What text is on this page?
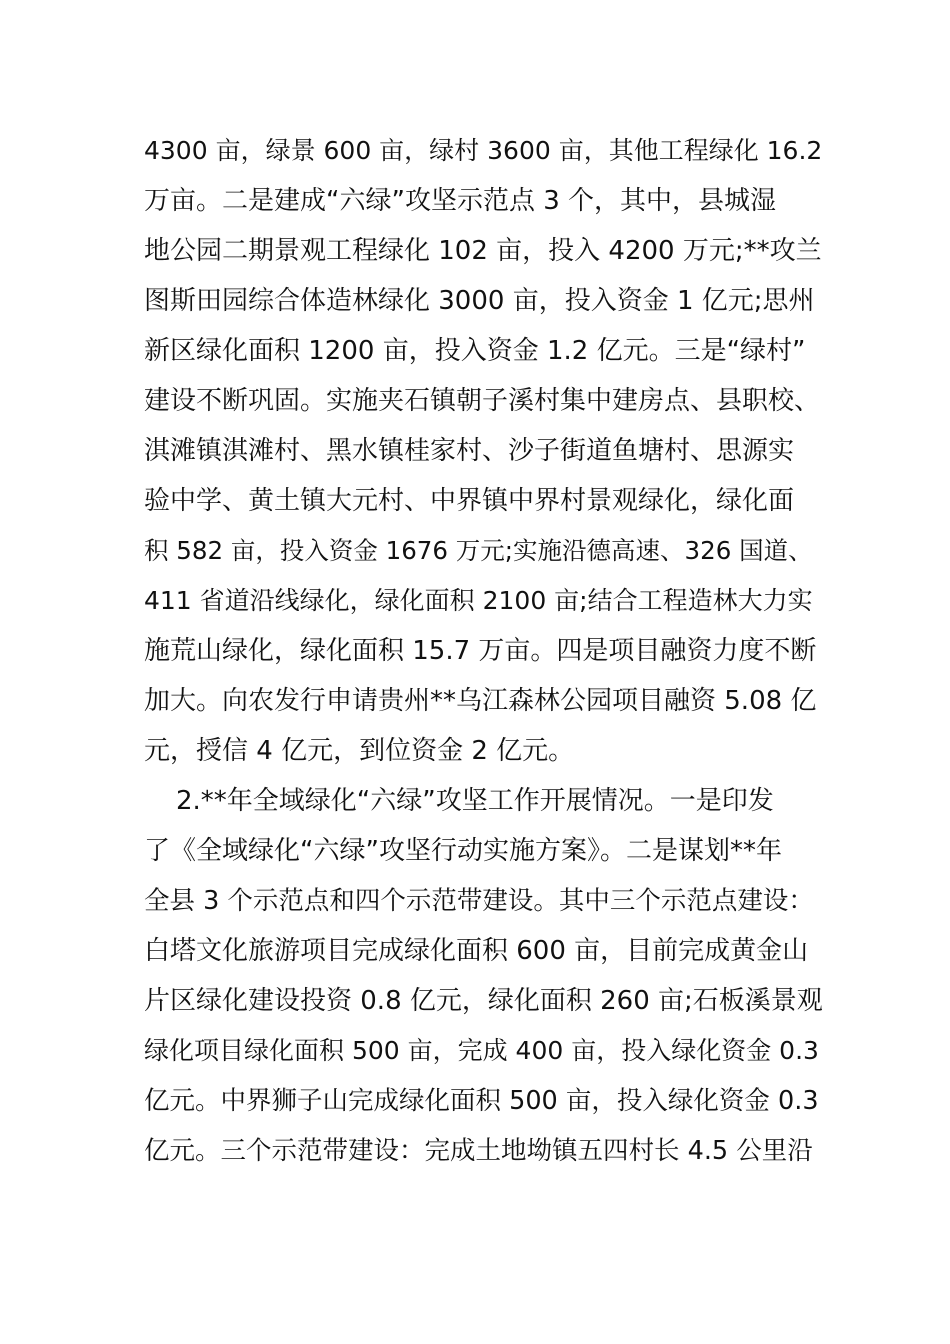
4300 亩，绿景 600 亩，绿村 3600 亩，其他工程绿化 16.2
万亩。二是建成“六绿”攻坚示范点 3 个，其中，县城湿
地公园二期景观工程绿化 102 亩，投入 4200 万元;**攻兰
图斯田园综合体造林绿化 3000 亩，投入资金 1 亿元;思州
新区绿化面积 1200 亩，投入资金 1.2 亿元。三是“绿村”
建设不断巩固。实施夹石镇朝子溪村集中建房点、县职校、
淇滩镇淇滩村、黑水镇桂家村、沙子街道鱼塘村、思源实
验中学、黄土镇大元村、中界镇中界村景观绿化，绿化面
积 582 亩，投入资金 1676 万元;实施沿德高速、326 国道、
411 省道沿线绿化，绿化面积 2100 亩;结合工程造林大力实
施荒山绿化，绿化面积 15.7 万亩。四是项目融资力度不断
加大。向农发行申请贵州**乌江森林公园项目融资 5.08 亿
元，授信 4 亿元，到位资金 2 亿元。
2.**年全域绿化“六绿”攻坚工作开展情况。一是印发
了《全域绿化“六绿”攻坚行动实施方案》。二是谋划**年
全县 3 个示范点和四个示范带建设。其中三个示范点建设：
白塔文化旅游项目完成绿化面积 600 亩，目前完成黄金山
片区绿化建设投资 0.8 亿元，绿化面积 260 亩;石板溪景观
绿化项目绿化面积 500 亩，完成 400 亩，投入绿化资金 0.3
亿元。中界狮子山完成绿化面积 500 亩，投入绿化资金 0.3
亿元。三个示范带建设：完成土地坳镇五四村长 4.5 公里沿
